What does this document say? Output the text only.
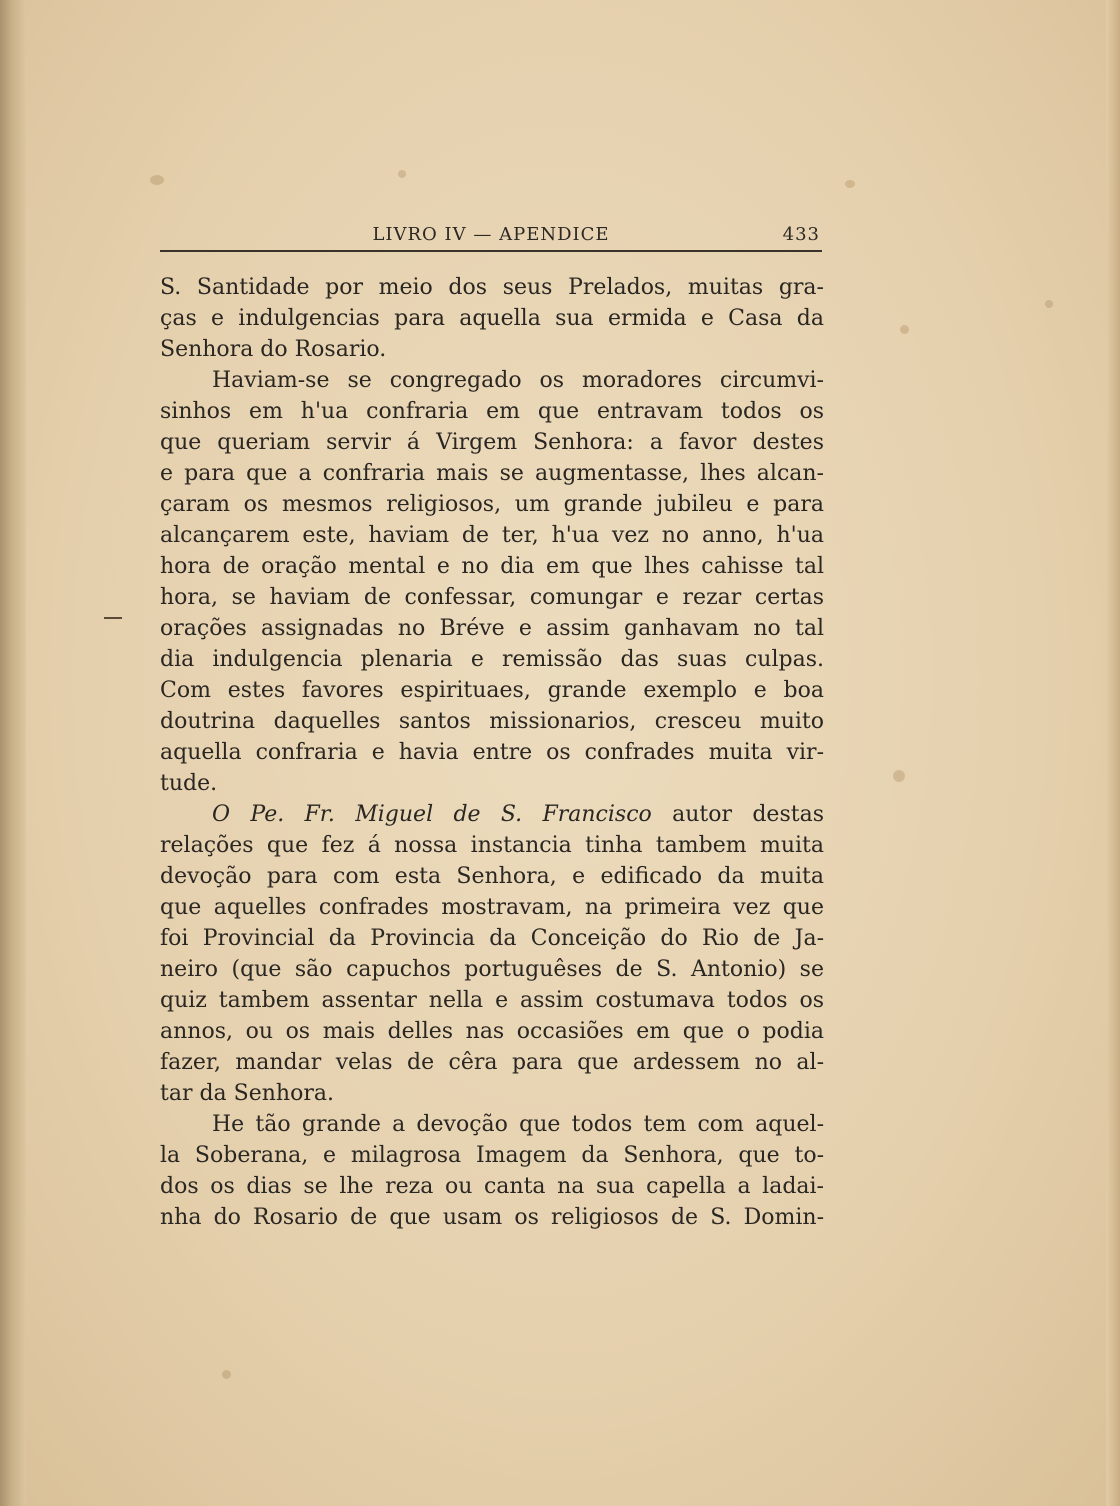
LIVRO IV — APENDICE	433
S. Santidade por meio dos seus Prelados, muitas gra-
ças e indulgencias para aquella sua ermida e Casa da
Senhora do Rosario.
Haviam-se se congregado os moradores circumvi-
sinhos em h'ua confraria em que entravam todos os
que queriam servir á Virgem Senhora: a favor destes
e para que a confraria mais se augmentasse, lhes alcan-
çaram os mesmos religiosos, um grande jubileu e para
alcançarem este, haviam de ter, h'ua vez no anno, h'ua
hora de oração mental e no dia em que lhes cahisse tal
hora, se haviam de confessar, comungar e rezar certas
orações assignadas no Bréve e assim ganhavam no tal
dia indulgencia plenaria e remissão das suas culpas.
Com estes favores espirituaes, grande exemplo e boa
doutrina daquelles santos missionarios, cresceu muito
aquella confraria e havia entre os confrades muita vir-
tude.
O Pe. Fr. Miguel de S. Francisco autor destas
relações que fez á nossa instancia tinha tambem muita
devoção para com esta Senhora, e edificado da muita
que aquelles confrades mostravam, na primeira vez que
foi Provincial da Provincia da Conceição do Rio de Ja-
neiro (que são capuchos portuguêses de S. Antonio) se
quiz tambem assentar nella e assim costumava todos os
annos, ou os mais delles nas occasiões em que o podia
fazer, mandar velas de cêra para que ardessem no al-
tar da Senhora.
He tão grande a devoção que todos tem com aquel-
la Soberana, e milagrosa Imagem da Senhora, que to-
dos os dias se lhe reza ou canta na sua capella a ladai-
nha do Rosario de que usam os religiosos de S. Domin-
